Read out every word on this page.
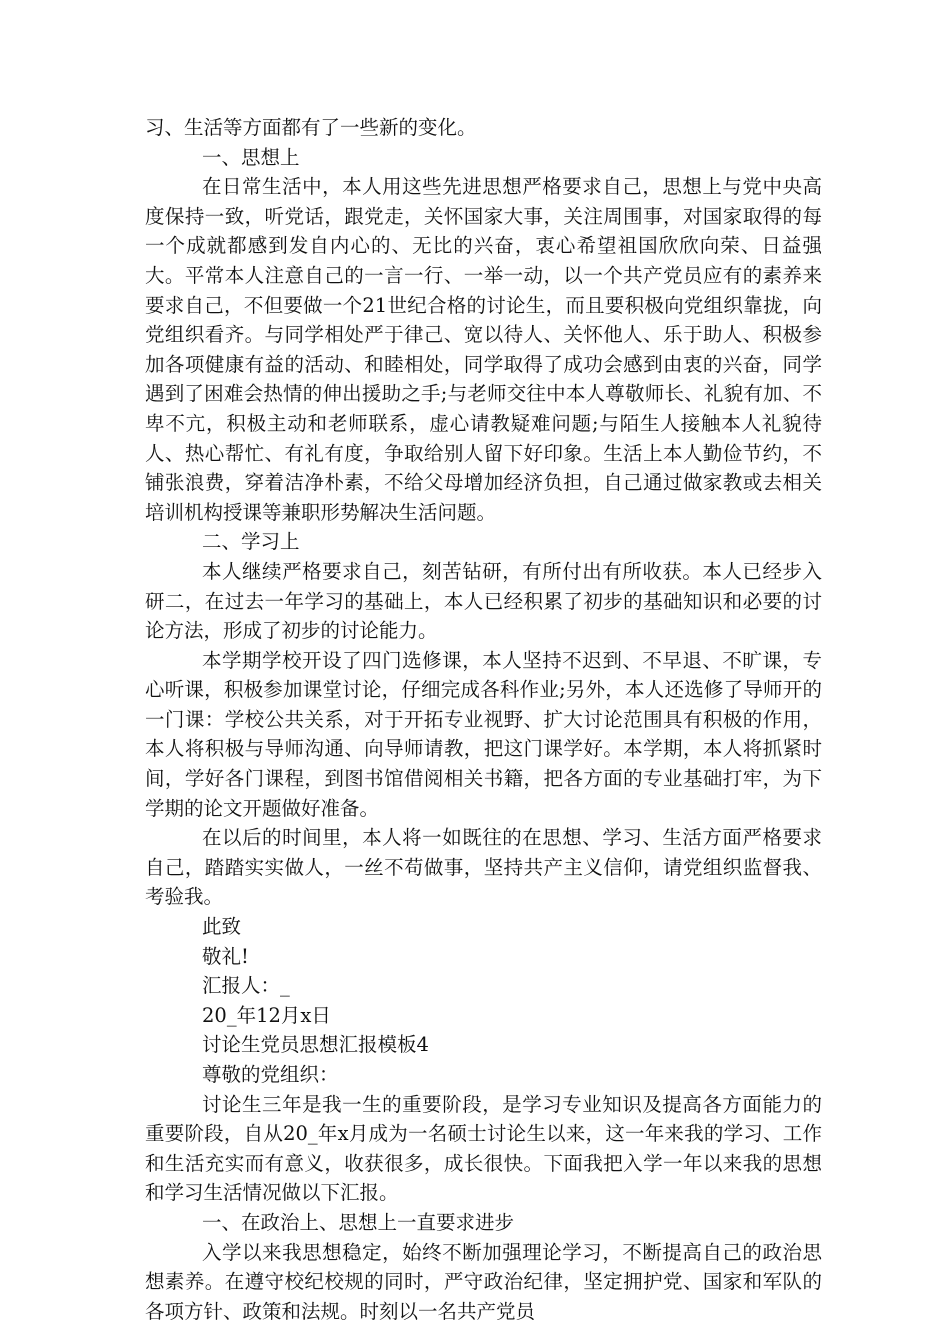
习、生活等方面都有了一些新的变化。

一、思想上

在日常生活中，本人用这些先进思想严格要求自己，思想上与党中央高度保持一致，听党话，跟党走，关怀国家大事，关注周围事，对国家取得的每一个成就都感到发自内心的、无比的兴奋，衷心希望祖国欣欣向荣、日益强大。平常本人注意自己的一言一行、一举一动，以一个共产党员应有的素养来要求自己，不但要做一个21世纪合格的讨论生，而且要积极向党组织靠拢，向党组织看齐。与同学相处严于律己、宽以待人、关怀他人、乐于助人、积极参加各项健康有益的活动、和睦相处，同学取得了成功会感到由衷的兴奋，同学遇到了困难会热情的伸出援助之手;与老师交往中本人尊敬师长、礼貌有加、不卑不亢，积极主动和老师联系，虚心请教疑难问题;与陌生人接触本人礼貌待人、热心帮忙、有礼有度，争取给别人留下好印象。生活上本人勤俭节约，不铺张浪费，穿着洁净朴素，不给父母增加经济负担，自己通过做家教或去相关培训机构授课等兼职形势解决生活问题。

二、学习上

本人继续严格要求自己，刻苦钻研，有所付出有所收获。本人已经步入研二，在过去一年学习的基础上，本人已经积累了初步的基础知识和必要的讨论方法，形成了初步的讨论能力。

本学期学校开设了四门选修课，本人坚持不迟到、不早退、不旷课，专心听课，积极参加课堂讨论，仔细完成各科作业;另外，本人还选修了导师开的一门课：学校公共关系，对于开拓专业视野、扩大讨论范围具有积极的作用，本人将积极与导师沟通、向导师请教，把这门课学好。本学期，本人将抓紧时间，学好各门课程，到图书馆借阅相关书籍，把各方面的专业基础打牢，为下学期的论文开题做好准备。

在以后的时间里，本人将一如既往的在思想、学习、生活方面严格要求自己，踏踏实实做人，一丝不苟做事，坚持共产主义信仰，请党组织监督我、考验我。

此致

敬礼!

汇报人：_

20_年12月x日

讨论生党员思想汇报模板4

尊敬的党组织：

讨论生三年是我一生的重要阶段，是学习专业知识及提高各方面能力的重要阶段，自从20_年x月成为一名硕士讨论生以来，这一年来我的学习、工作和生活充实而有意义，收获很多，成长很快。下面我把入学一年以来我的思想和学习生活情况做以下汇报。

一、在政治上、思想上一直要求进步

入学以来我思想稳定，始终不断加强理论学习，不断提高自己的政治思想素养。在遵守校纪校规的同时，严守政治纪律，坚定拥护党、国家和军队的各项方针、政策和法规。时刻以一名共产党员
